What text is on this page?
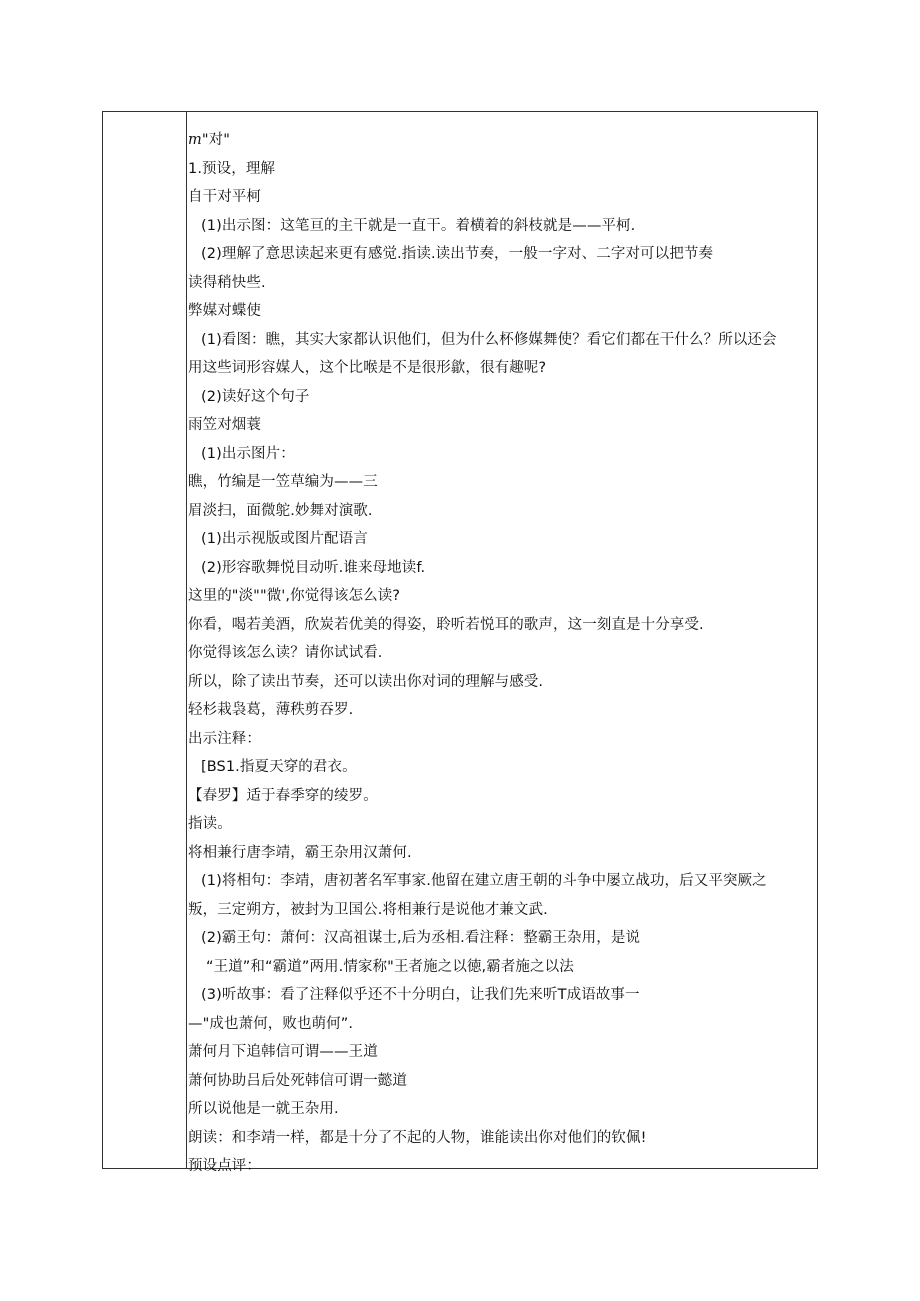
m"对"
1.预设，理解
自干对平柯
(1)出示图：这笔亘的主干就是一直干。着横着的斜枝就是——平柯.
(2)理解了意思读起来更有感觉.指读.读出节奏，一般一字对、二字对可以把节奏
读得稍快些.
弊媒对蝶使
(1)看图：瞧，其实大家都认识他们，但为什么杯修媒舞使？看它们都在干什么？所以还会
用这些词形容媒人，这个比喉是不是很形歙，很有趣呢?
(2)读好这个句子
雨笠对烟蓑
(1)出示图片：
瞧，竹编是一笠草编为——三
眉淡扫，面微鸵.妙舞对演歌.
(1)出示视版或图片配语言
(2)形容歌舞悦目动听.谁来母地读f.
这里的"淡""微',你觉得该怎么读?
你看，喝若美酒，欣炭若优美的得姿，聆听若悦耳的歌声，这一刻直是十分享受.
你觉得该怎么读？请你试试看.
所以，除了读出节奏，还可以读出你对词的理解与感受.
轻杉栽袅葛，薄秩剪吞罗.
出示注释：
[BS1.指夏天穿的君衣。
【春罗】适于春季穿的绫罗。
指读。
将相兼行唐李靖，霸王杂用汉萧何.
(1)将相句：李靖，唐初著名军事家.他留在建立唐王朝的斗争中屡立战功，后又平突厥之
叛，三定朔方，被封为卫国公.将相兼行是说他才兼文武.
(2)霸王句：萧何：汉高祖谋士,后为丞相.看注释：整霸王杂用，是说
“王道”和“霸道”两用.情家称"王者施之以徳,霸者施之以法
(3)听故事：看了注释似乎还不十分明白，让我们先来听T成语故事一
—"成也萧何，败也萌何”.
萧何月下追韩信可谓——王道
萧何协助吕后处死韩信可谓一懿道
所以说他是一就王杂用.
朗读：和李靖一样，都是十分了不起的人物，谁能读出你对他们的钦佩!
预设点评：
